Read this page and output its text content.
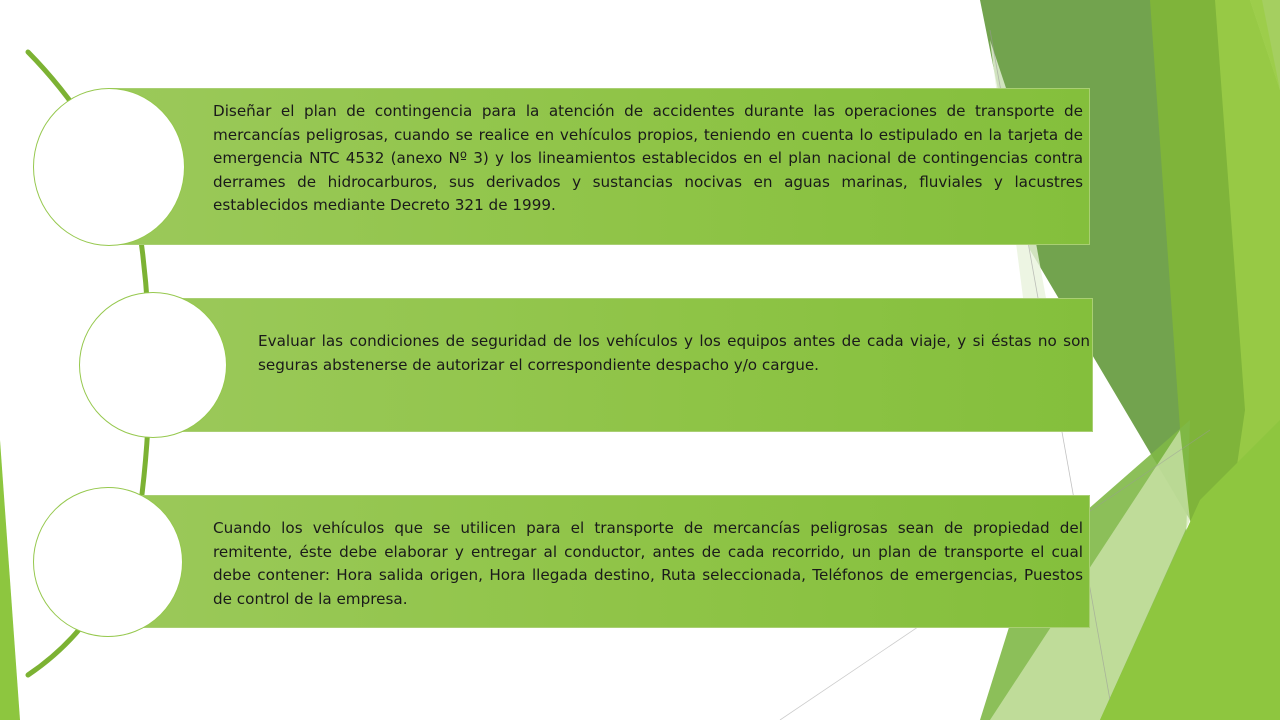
Diseñar el plan de contingencia para la atención de accidentes durante las operaciones de transporte de mercancías peligrosas, cuando se realice en vehículos propios, teniendo en cuenta lo estipulado en la tarjeta de emergencia NTC 4532 (anexo Nº 3) y los lineamientos establecidos en el plan nacional de contingencias contra derrames de hidrocarburos, sus derivados y sustancias nocivas en aguas marinas, fluviales y lacustres establecidos mediante Decreto 321 de 1999.
Evaluar las condiciones de seguridad de los vehículos y los equipos antes de cada viaje, y si éstas no son seguras abstenerse de autorizar el correspondiente despacho y/o cargue.
Cuando los vehículos que se utilicen para el transporte de mercancías peligrosas sean de propiedad del remitente, éste debe elaborar y entregar al conductor, antes de cada recorrido, un plan de transporte el cual debe contener: Hora salida origen, Hora llegada destino, Ruta seleccionada, Teléfonos de emergencias, Puestos de control de la empresa.
